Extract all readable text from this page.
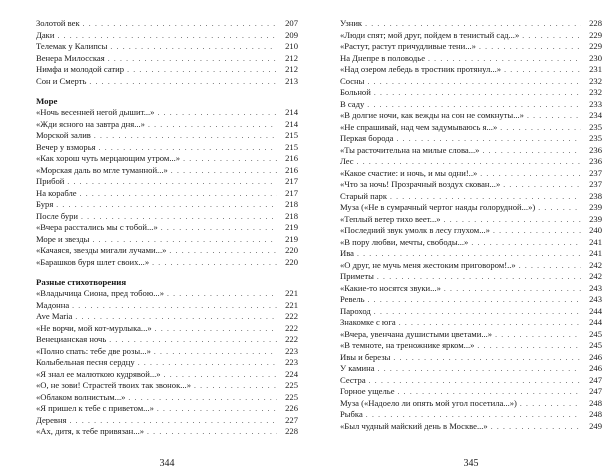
Золотой век . . .	207
Даки . . .	209
Телемак у Калипсы . . .	210
Венера Милосская . . .	212
Нимфа и молодой сатир . . .	212
Сон и Смерть . . .	213
Море
«Ночь весенней негой дышит...» . . .	214
«Жди ясного на завтра дня...» . . .	214
Морской залив . . .	215
Вечер у взморья . . .	215
«Как хорош чуть мерцающим утром...» . . .	216
«Морская даль во мгле туманной...» . . .	216
Прибой . . .	217
На корабле . . .	217
Буря . . .	218
После бури . . .	218
«Вчера расстались мы с тобой...» . . .	219
Море и звезды . . .	219
«Качаяся, звезды мигали лучами...» . . .	220
«Барашков буря шлет своих...» . . .	220
Разные стихотворения
«Владычица Сиона, пред тобою...» . . .	221
Мадонна . . .	221
Ave Maria . . .	222
«Не ворчи, мой кот-мурлыка...» . . .	222
Венецианская ночь . . .	222
«Полно спать: тебе две розы...» . . .	223
Колыбельная песня сердцу . . .	223
«Я знал ее малюткою кудрявой...» . . .	224
«О, не зови! Страстей твоих так звонок...» . . .	225
«Облаком волнистым...» . . .	225
«Я пришел к тебе с приветом...» . . .	226
Деревня . . .	227
«Ах, дитя, к тебе привязан...» . . .	228
344
Узник . . .	228
«Люди спят; мой друг, пойдем в тенистый сад...» . . .	229
«Растут, растут причудливые тени...» . . .	229
На Днепре в половодье . . .	230
«Над озером лебедь в тростник протянул...» . . .	231
Сосны . . .	232
Больной . . .	232
В саду . . .	233
«В долгие ночи, как вежды на сон не сомкнуты...» . . .	234
«Не спрашивай, над чем задумываюсь я...» . . .	235
Перкая борода . . .	235
«Ты расточительна на милые слова...» . . .	236
Лес . . .	236
«Какое счастие: и ночь, и мы одни!..» . . .	237
«Что за ночь! Прозрачный воздух скован...» . . .	237
Старый парк . . .	238
Муза («Не в сумрачный чертог наяды голорудной...») . . .	239
«Теплый ветер тихо веет...» . . .	239
«Последний звук умолк в лесу глухом...» . . .	240
«В пору любви, мечты, свободы...» . . .	241
Ива . . .	241
«О друг, не мучь меня жестоким приговором!..» . . .	242
Приметы . . .	242
«Какие-то носятся звуки...» . . .	243
Ревель . . .	243
Пароход . . .	244
Знакомке с юга . . .	244
«Вчера, увенчана душистыми цветами...» . . .	245
«В темноте, на треножнике ярком...» . . .	245
Ивы и березы . . .	246
У камина . . .	246
Сестра . . .	247
Горное ущелье . . .	247
Муза («Надоело ли опять мой угол посетила...») . . .	248
Рыбка . . .	248
«Был чудный майский день в Москве...» . . .	249
345
